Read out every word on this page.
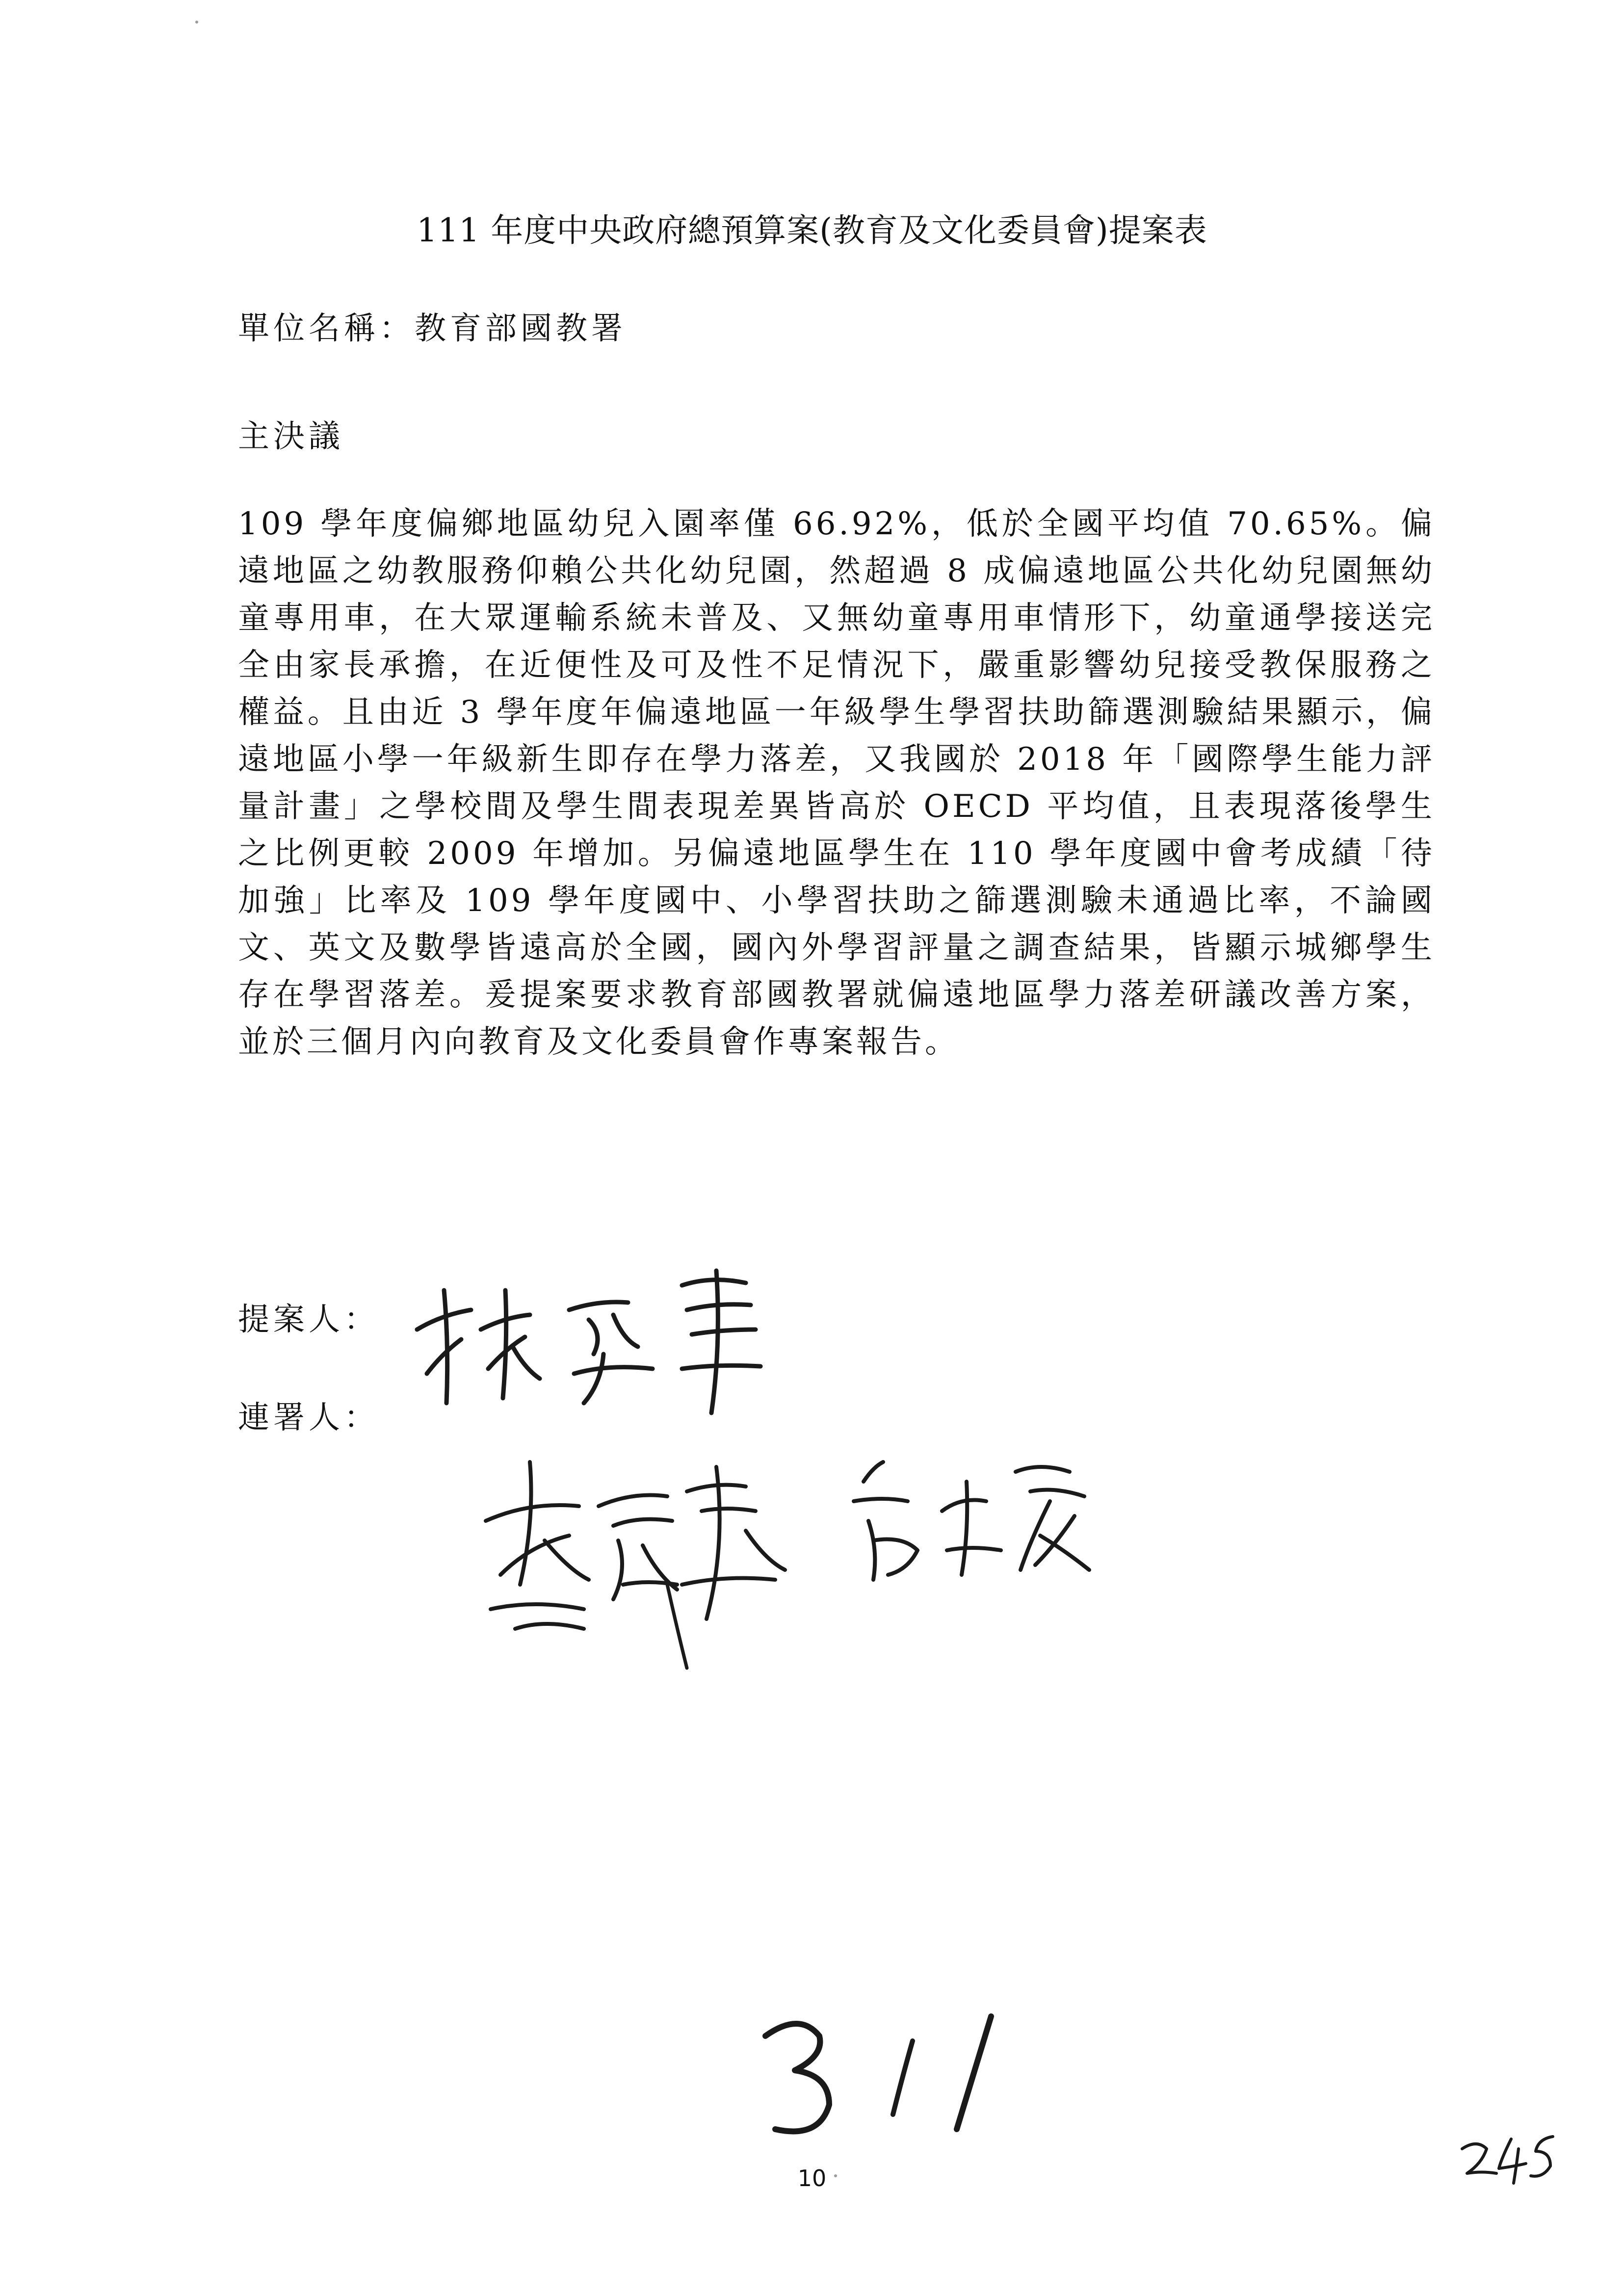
111 年度中央政府總預算案(教育及文化委員會)提案表
單位名稱：教育部國教署
主決議

109 學年度偏鄉地區幼兒入園率僅 66.92%，低於全國平均值 70.65%。偏遠地區之幼教服務仰賴公共化幼兒園，然超過 8 成偏遠地區公共化幼兒園無幼童專用車，在大眾運輸系統未普及、又無幼童專用車情形下，幼童通學接送完全由家長承擔，在近便性及可及性不足情況下，嚴重影響幼兒接受教保服務之權益。且由近 3 學年度年偏遠地區一年級學生學習扶助篩選測驗結果顯示，偏遠地區小學一年級新生即存在學力落差，又我國於 2018 年「國際學生能力評量計畫」之學校間及學生間表現差異皆高於 OECD 平均值，且表現落後學生之比例更較 2009 年增加。另偏遠地區學生在 110 學年度國中會考成績「待加強」比率及 109 學年度國中、小學習扶助之篩選測驗未通過比率，不論國文、英文及數學皆遠高於全國，國內外學習評量之調查結果，皆顯示城鄉學生存在學習落差。爰提案要求教育部國教署就偏遠地區學力落差研議改善方案，並於三個月內向教育及文化委員會作專案報告。

提案人：
連署人：
10
